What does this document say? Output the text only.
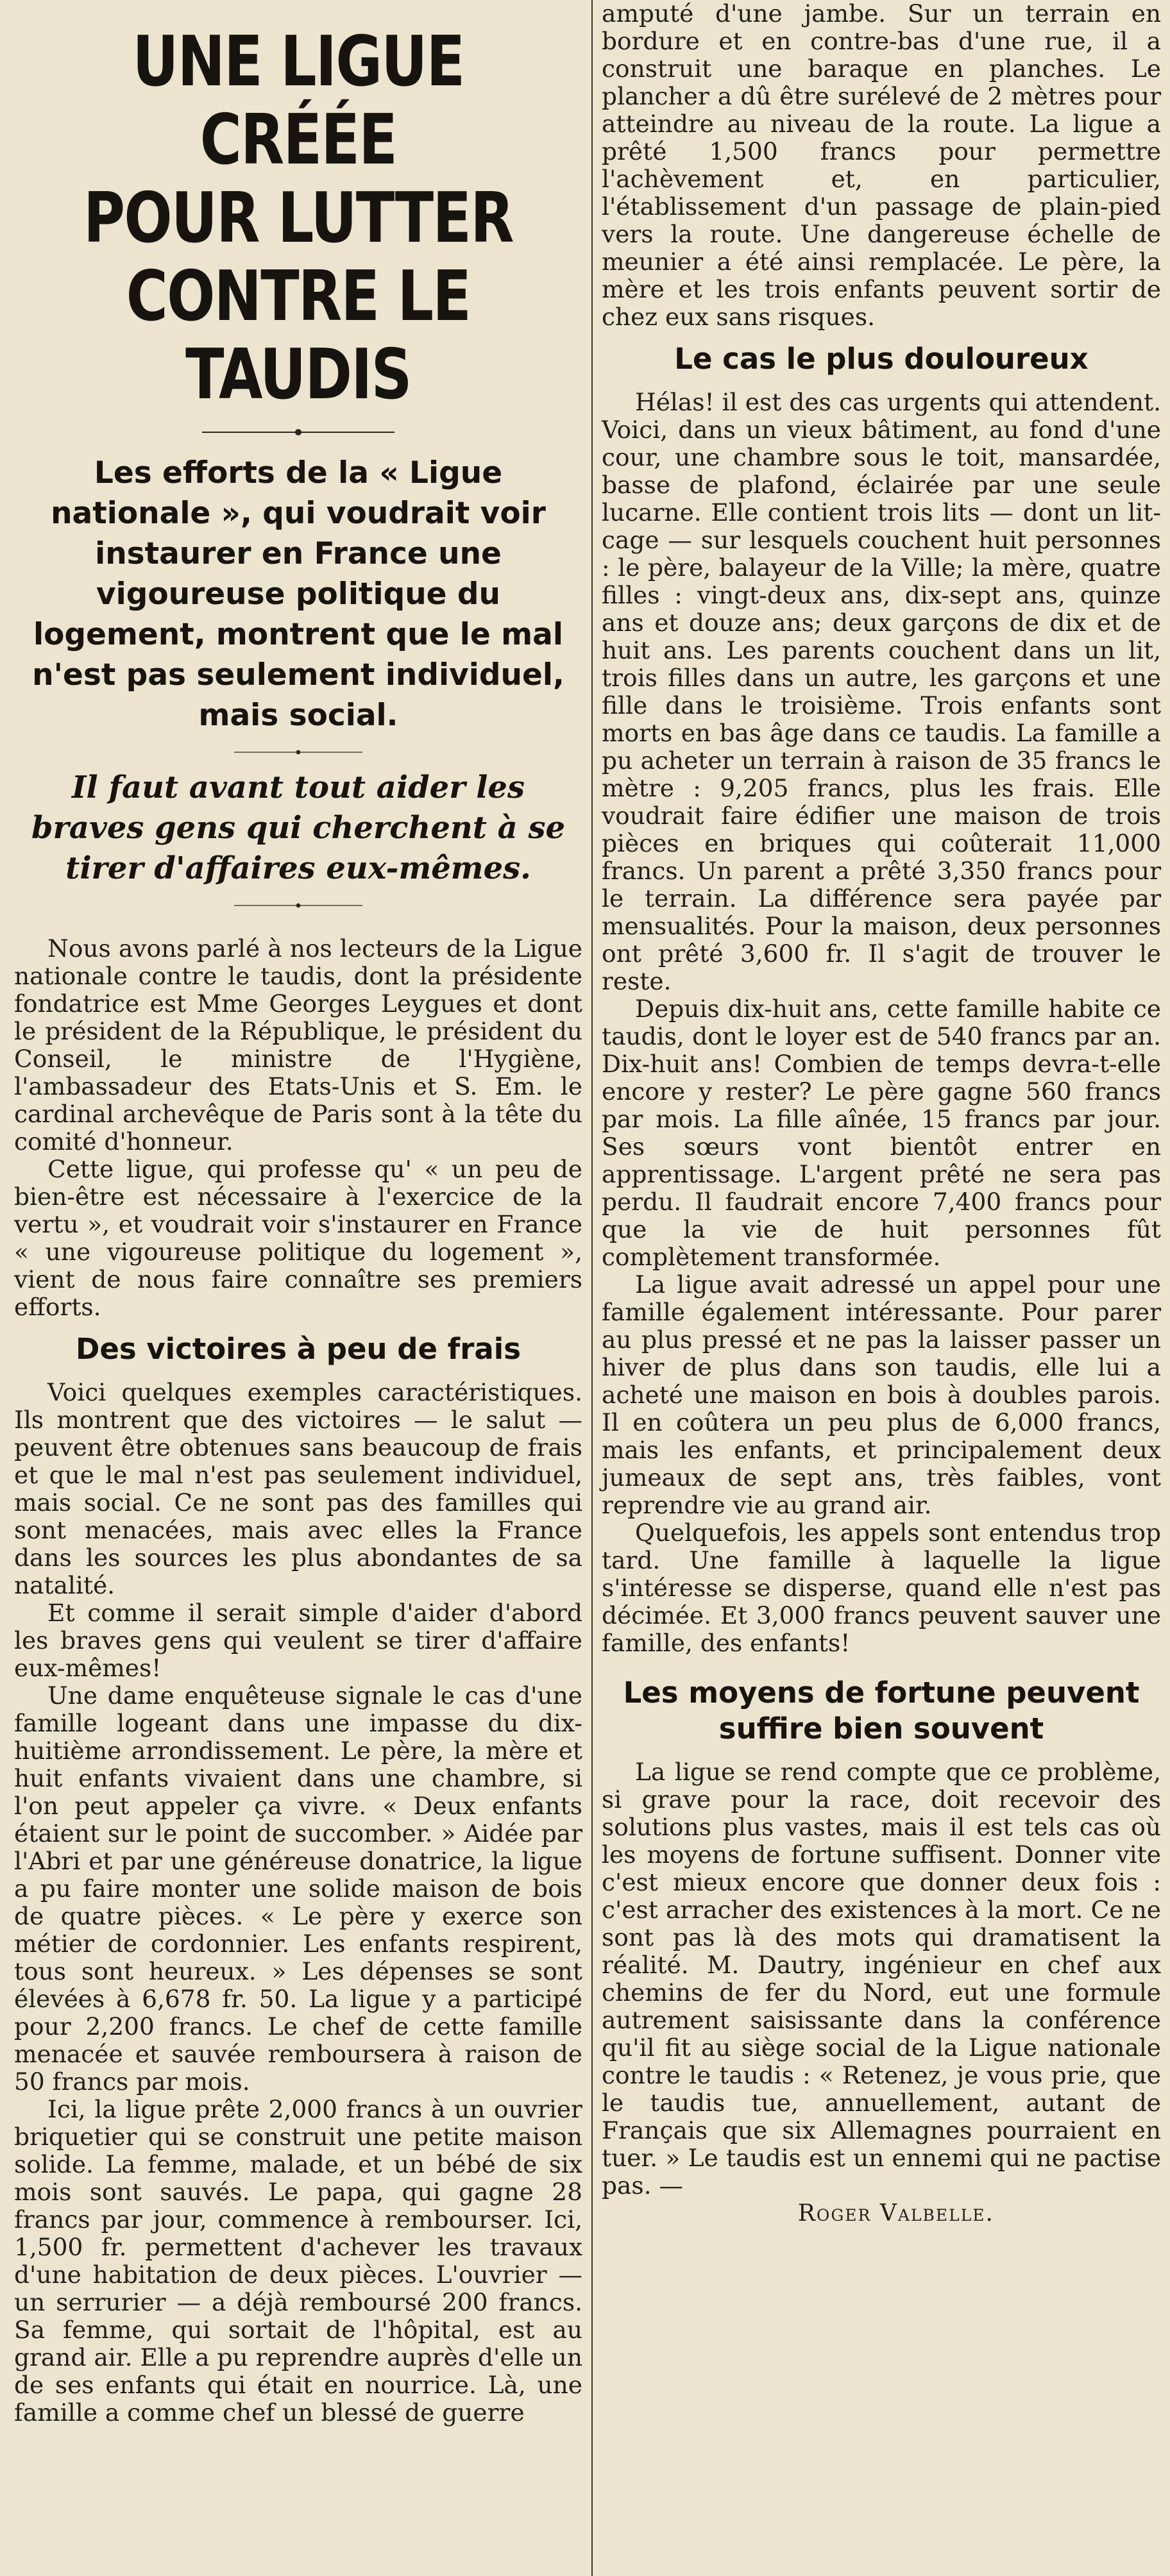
UNE LIGUE CRÉÉE
POUR LUTTER
CONTRE LE TAUDIS

Les efforts de la « Ligue nationale », qui voudrait voir instaurer en France une vigoureuse politique du logement, montrent que le mal n'est pas seulement individuel, mais social.

Il faut avant tout aider les braves gens qui cherchent à se tirer d'affaires eux-mêmes.

Nous avons parlé à nos lecteurs de la Ligue nationale contre le taudis, dont la présidente fondatrice est Mme Georges Leygues et dont le président de la République, le président du Conseil, le ministre de l'Hygiène, l'ambassadeur des Etats-Unis et S. Em. le cardinal archevêque de Paris sont à la tête du comité d'honneur.

Cette ligue, qui professe qu' « un peu de bien-être est nécessaire à l'exercice de la vertu », et voudrait voir s'instaurer en France « une vigoureuse politique du logement », vient de nous faire connaître ses premiers efforts.

Des victoires à peu de frais

Voici quelques exemples caractéristiques. Ils montrent que des victoires — le salut — peuvent être obtenues sans beaucoup de frais et que le mal n'est pas seulement individuel, mais social. Ce ne sont pas des familles qui sont menacées, mais avec elles la France dans les sources les plus abondantes de sa natalité.

Et comme il serait simple d'aider d'abord les braves gens qui veulent se tirer d'affaire eux-mêmes!

Une dame enquêteuse signale le cas d'une famille logeant dans une impasse du dix-huitième arrondissement. Le père, la mère et huit enfants vivaient dans une chambre, si l'on peut appeler ça vivre. « Deux enfants étaient sur le point de succomber. » Aidée par l'Abri et par une généreuse donatrice, la ligue a pu faire monter une solide maison de bois de quatre pièces. « Le père y exerce son métier de cordonnier. Les enfants respirent, tous sont heureux. » Les dépenses se sont élevées à 6,678 fr. 50. La ligue y a participé pour 2,200 francs. Le chef de cette famille menacée et sauvée remboursera à raison de 50 francs par mois.

Ici, la ligue prête 2,000 francs à un ouvrier briquetier qui se construit une petite maison solide. La femme, malade, et un bébé de six mois sont sauvés. Le papa, qui gagne 28 francs par jour, commence à rembourser. Ici, 1,500 fr. permettent d'achever les travaux d'une habitation de deux pièces. L'ouvrier — un serrurier — a déjà remboursé 200 francs. Sa femme, qui sortait de l'hôpital, est au grand air. Elle a pu reprendre auprès d'elle un de ses enfants qui était en nourrice. Là, une famille a comme chef un blessé de guerre

amputé d'une jambe. Sur un terrain en bordure et en contre-bas d'une rue, il a construit une baraque en planches. Le plancher a dû être surélevé de 2 mètres pour atteindre au niveau de la route. La ligue a prêté 1,500 francs pour permettre l'achèvement et, en particulier, l'établissement d'un passage de plain-pied vers la route. Une dangereuse échelle de meunier a été ainsi remplacée. Le père, la mère et les trois enfants peuvent sortir de chez eux sans risques.

Le cas le plus douloureux

Hélas! il est des cas urgents qui attendent. Voici, dans un vieux bâtiment, au fond d'une cour, une chambre sous le toit, mansardée, basse de plafond, éclairée par une seule lucarne. Elle contient trois lits — dont un lit-cage — sur lesquels couchent huit personnes : le père, balayeur de la Ville; la mère, quatre filles : vingt-deux ans, dix-sept ans, quinze ans et douze ans; deux garçons de dix et de huit ans. Les parents couchent dans un lit, trois filles dans un autre, les garçons et une fille dans le troisième. Trois enfants sont morts en bas âge dans ce taudis. La famille a pu acheter un terrain à raison de 35 francs le mètre : 9,205 francs, plus les frais. Elle voudrait faire édifier une maison de trois pièces en briques qui coûterait 11,000 francs. Un parent a prêté 3,350 francs pour le terrain. La différence sera payée par mensualités. Pour la maison, deux personnes ont prêté 3,600 fr. Il s'agit de trouver le reste.

Depuis dix-huit ans, cette famille habite ce taudis, dont le loyer est de 540 francs par an. Dix-huit ans! Combien de temps devra-t-elle encore y rester? Le père gagne 560 francs par mois. La fille aînée, 15 francs par jour. Ses sœurs vont bientôt entrer en apprentissage. L'argent prêté ne sera pas perdu. Il faudrait encore 7,400 francs pour que la vie de huit personnes fût complètement transformée.

La ligue avait adressé un appel pour une famille également intéressante. Pour parer au plus pressé et ne pas la laisser passer un hiver de plus dans son taudis, elle lui a acheté une maison en bois à doubles parois. Il en coûtera un peu plus de 6,000 francs, mais les enfants, et principalement deux jumeaux de sept ans, très faibles, vont reprendre vie au grand air.

Quelquefois, les appels sont entendus trop tard. Une famille à laquelle la ligue s'intéresse se disperse, quand elle n'est pas décimée. Et 3,000 francs peuvent sauver une famille, des enfants!

Les moyens de fortune peuvent suffire bien souvent

La ligue se rend compte que ce problème, si grave pour la race, doit recevoir des solutions plus vastes, mais il est tels cas où les moyens de fortune suffisent. Donner vite c'est mieux encore que donner deux fois : c'est arracher des existences à la mort. Ce ne sont pas là des mots qui dramatisent la réalité. M. Dautry, ingénieur en chef aux chemins de fer du Nord, eut une formule autrement saisissante dans la conférence qu'il fit au siège social de la Ligue nationale contre le taudis : « Retenez, je vous prie, que le taudis tue, annuellement, autant de Français que six Allemagnes pourraient en tuer. » Le taudis est un ennemi qui ne pactise pas. —

Roger Valbelle.
